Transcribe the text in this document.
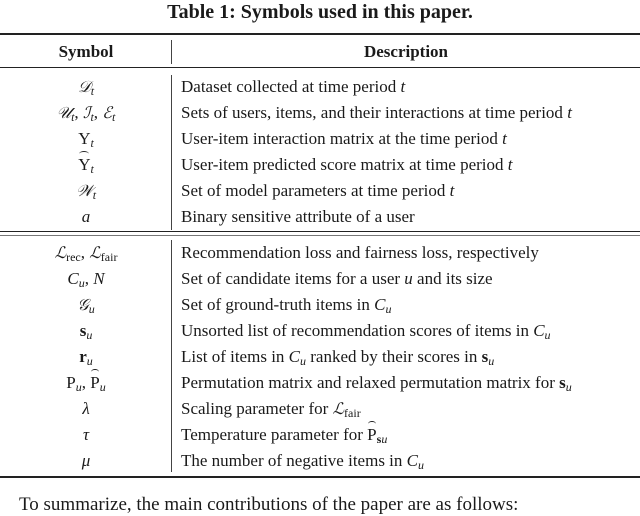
Table 1: Symbols used in this paper.
Symbol	Description
𝒟$_t$	Dataset collected at time period t
𝒰$_t$, ℐ$_t$, ℰ$_t$	Sets of users, items, and their interactions at time period t
$Y_t$	User-item interaction matrix at the time period t
$Y_t$	User-item predicted score matrix at time period t
𝒲$_t$	Set of model parameters at time period t
a	Binary sensitive attribute of a user
ℒ$_{rec}$, ℒ$_{fair}$	Recommendation loss and fairness loss, respectively
$C_u$, N	Set of candidate items for a user u and its size
𝒢$_u$	Set of ground-truth items in $C_u$
$s_u$	Unsorted list of recommendation scores of items in $C_u$
$r_u$	List of items in $C_u$ ranked by their scores in $s_u$
$P_u$, $P_u$	Permutation matrix and relaxed permutation matrix for $s_u$
λ	Scaling parameter for ℒ$_{fair}$
τ	Temperature parameter for $P_{su}$
μ	The number of negative items in $C_u$
To summarize, the main contributions of the paper are as follows:
